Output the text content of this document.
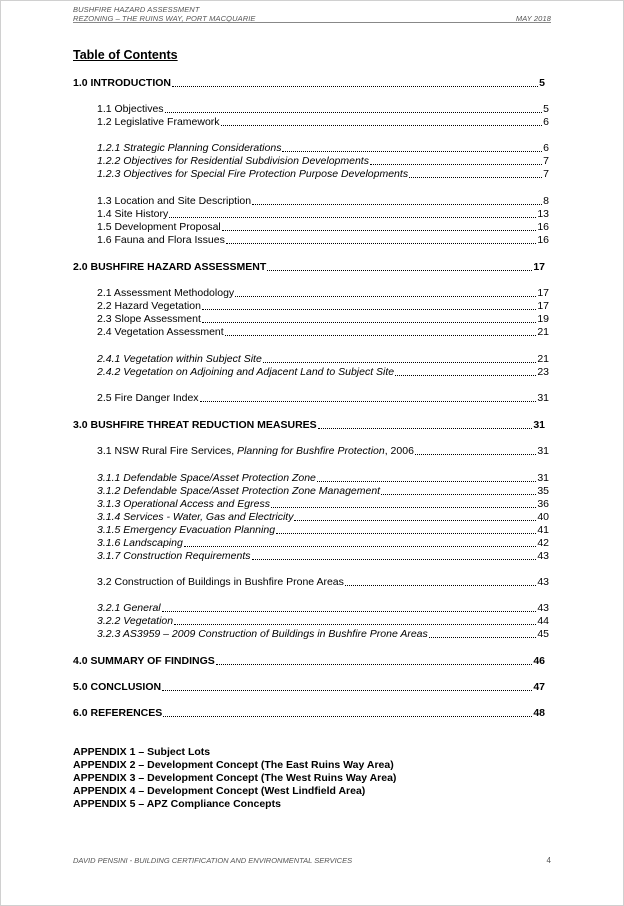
BUSHFIRE HAZARD ASSESSMENT
MAY 2018
REZONING – THE RUINS WAY, PORT MACQUARIE
Table of Contents
1.0 INTRODUCTION	5
1.1 Objectives	5
1.2 Legislative Framework	6
1.2.1 Strategic Planning Considerations	6
1.2.2 Objectives for Residential Subdivision Developments	7
1.2.3 Objectives for Special Fire Protection Purpose Developments	7
1.3 Location and Site Description	8
1.4 Site History	13
1.5 Development Proposal	16
1.6 Fauna and Flora Issues	16
2.0 BUSHFIRE HAZARD ASSESSMENT	17
2.1 Assessment Methodology	17
2.2 Hazard Vegetation	17
2.3 Slope Assessment	19
2.4 Vegetation Assessment	21
2.4.1 Vegetation within Subject Site	21
2.4.2 Vegetation on Adjoining and Adjacent Land to Subject Site	23
2.5 Fire Danger Index	31
3.0 BUSHFIRE THREAT REDUCTION MEASURES	31
3.1 NSW Rural Fire Services, Planning for Bushfire Protection, 2006	31
3.1.1 Defendable Space/Asset Protection Zone	31
3.1.2 Defendable Space/Asset Protection Zone Management	35
3.1.3 Operational Access and Egress	36
3.1.4 Services - Water, Gas and Electricity	40
3.1.5 Emergency Evacuation Planning	41
3.1.6 Landscaping	42
3.1.7 Construction Requirements	43
3.2 Construction of Buildings in Bushfire Prone Areas	43
3.2.1 General	43
3.2.2 Vegetation	44
3.2.3 AS3959 – 2009 Construction of Buildings in Bushfire Prone Areas	45
4.0 SUMMARY OF FINDINGS	46
5.0 CONCLUSION	47
6.0 REFERENCES	48
APPENDIX 1 – Subject Lots
APPENDIX 2 – Development Concept (The East Ruins Way Area)
APPENDIX 3 – Development Concept (The West Ruins Way Area)
APPENDIX 4 – Development Concept (West Lindfield Area)
APPENDIX 5 – APZ Compliance Concepts
DAVID PENSINI - BUILDING CERTIFICATION AND ENVIRONMENTAL SERVICES	4
